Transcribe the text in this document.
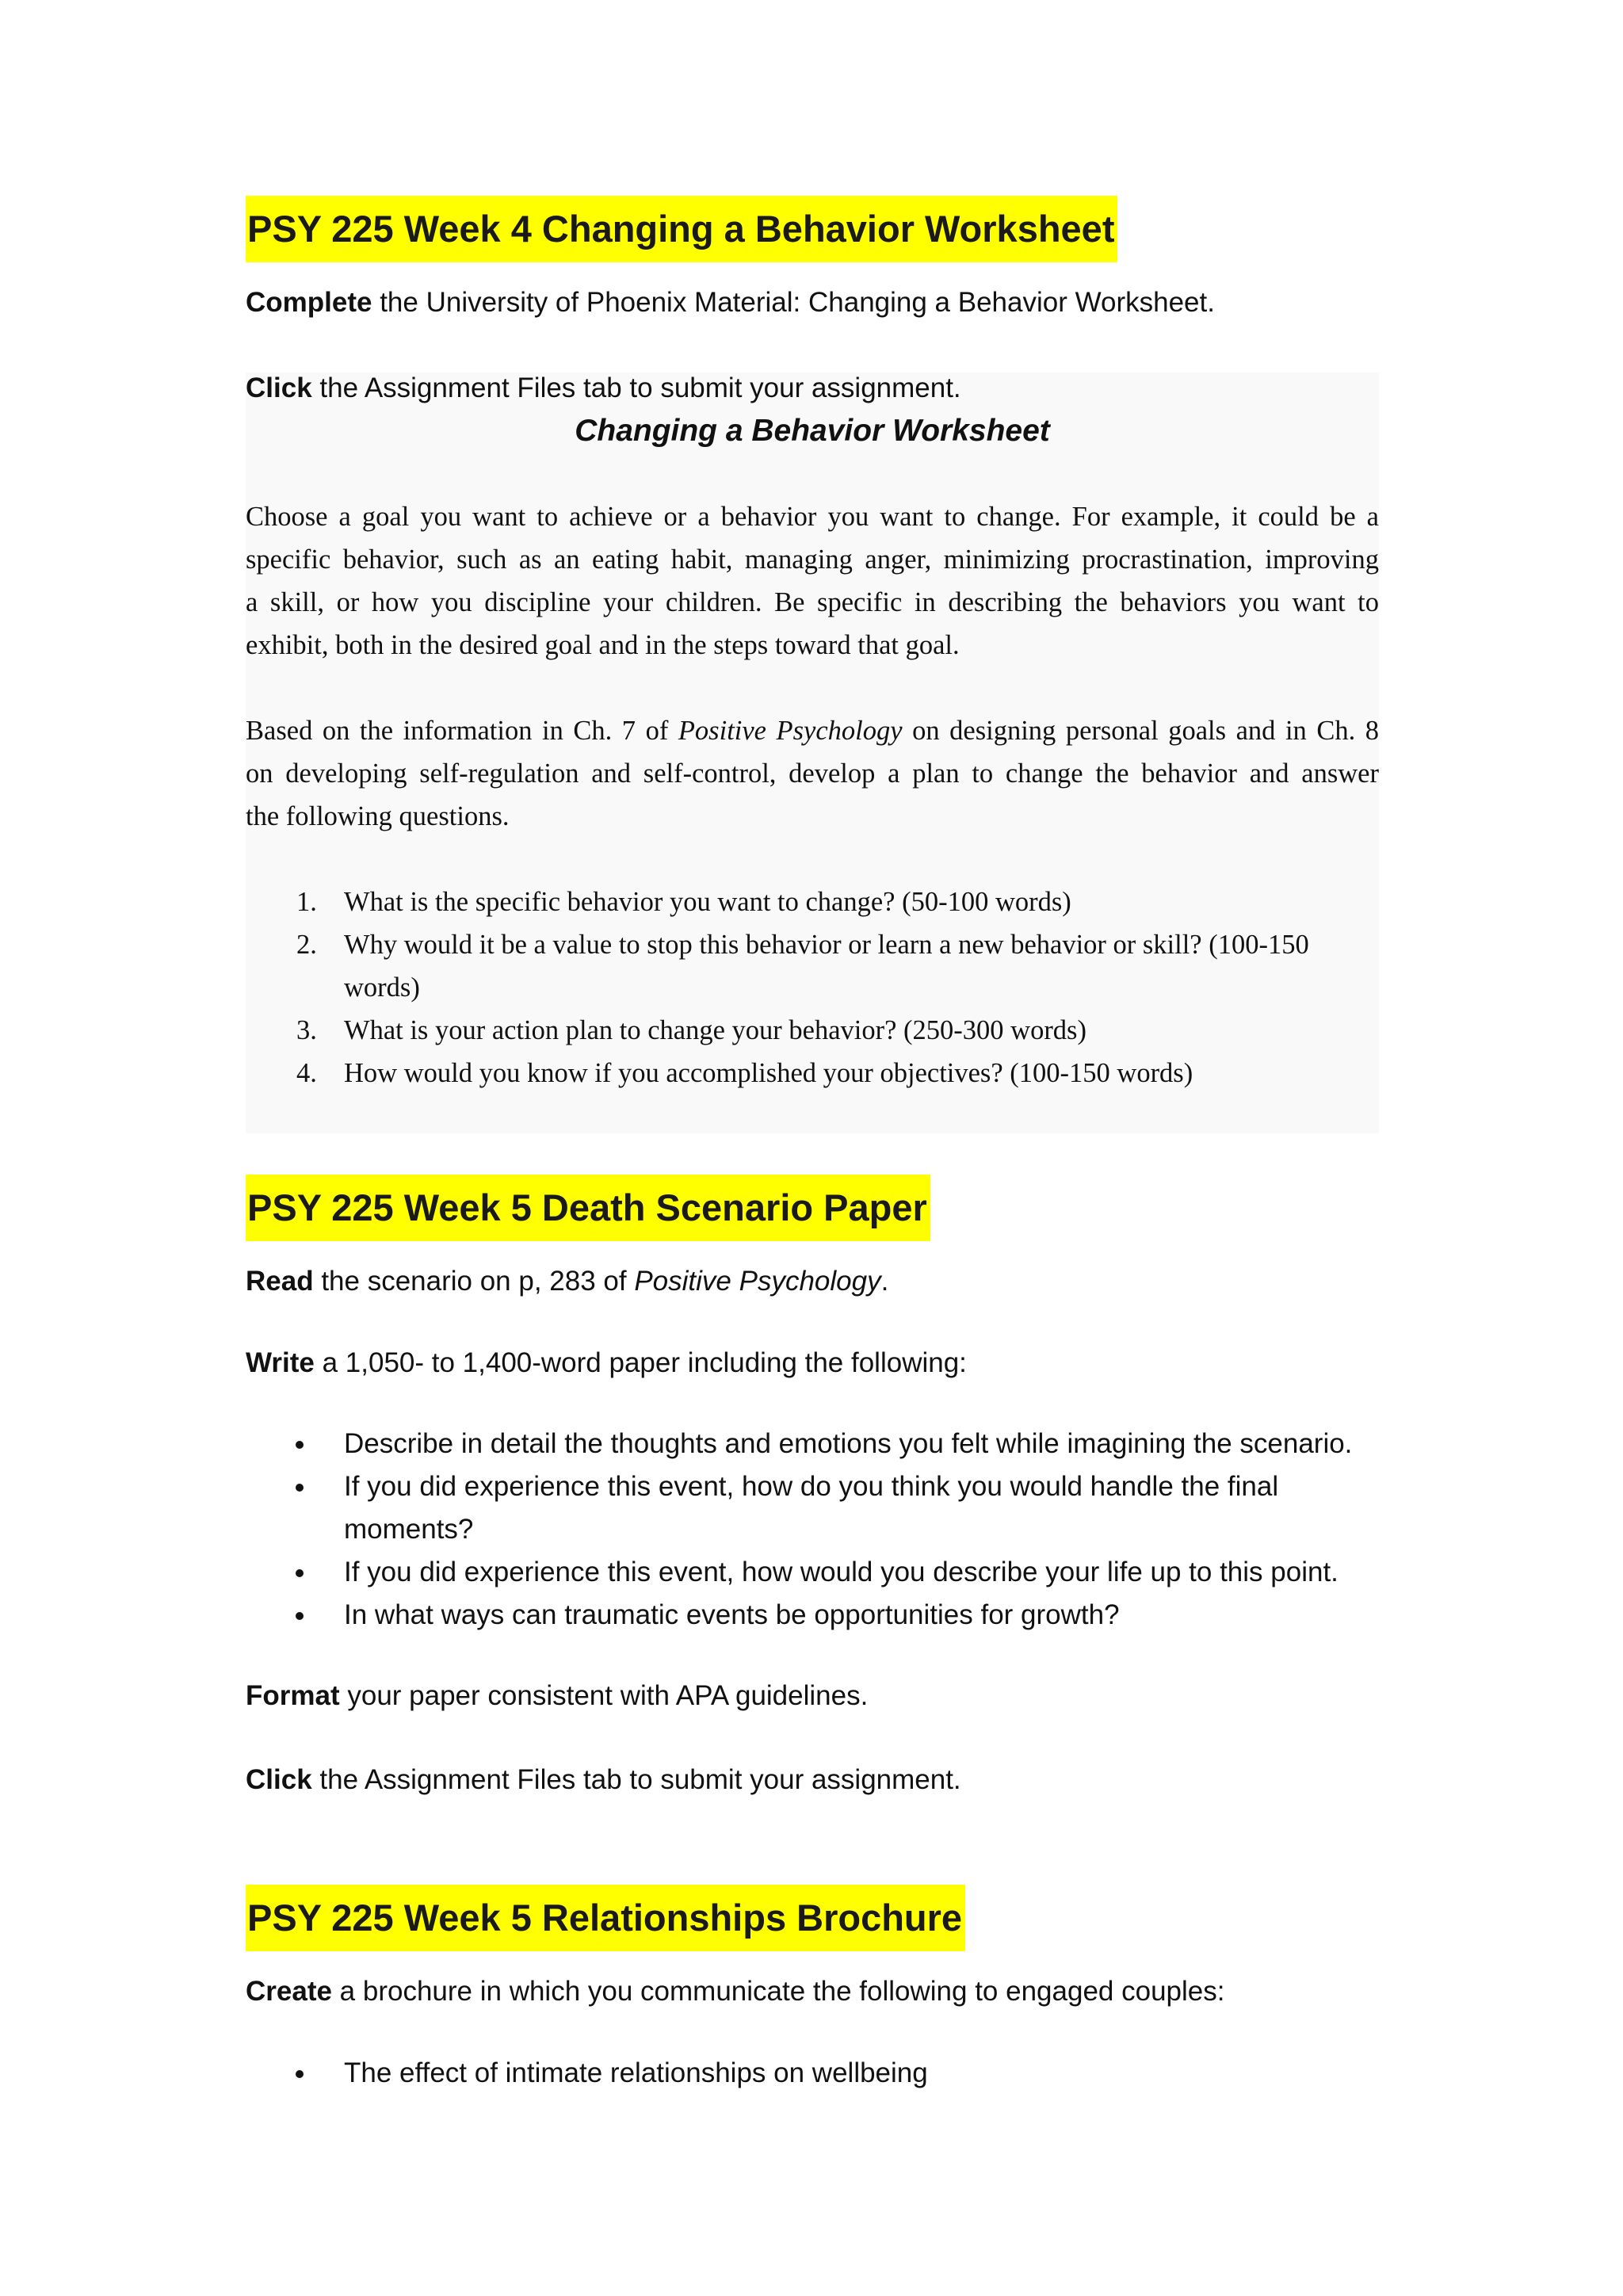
PSY 225 Week 4 Changing a Behavior Worksheet
Complete the University of Phoenix Material: Changing a Behavior Worksheet.
Click the Assignment Files tab to submit your assignment.
Changing a Behavior Worksheet
Choose a goal you want to achieve or a behavior you want to change. For example, it could be a
specific behavior, such as an eating habit, managing anger, minimizing procrastination, improving
a skill, or how you discipline your children. Be specific in describing the behaviors you want to
exhibit, both in the desired goal and in the steps toward that goal.
Based on the information in Ch. 7 of Positive Psychology on designing personal goals and in Ch. 8
on developing self-regulation and self-control, develop a plan to change the behavior and answer
the following questions.
1. What is the specific behavior you want to change? (50-100 words)
2. Why would it be a value to stop this behavior or learn a new behavior or skill? (100-150
words)
3. What is your action plan to change your behavior? (250-300 words)
4. How would you know if you accomplished your objectives? (100-150 words)
PSY 225 Week 5 Death Scenario Paper
Read the scenario on p, 283 of Positive Psychology.
Write a 1,050- to 1,400-word paper including the following:
Describe in detail the thoughts and emotions you felt while imagining the scenario.
If you did experience this event, how do you think you would handle the final
moments?
If you did experience this event, how would you describe your life up to this point.
In what ways can traumatic events be opportunities for growth?
Format your paper consistent with APA guidelines.
Click the Assignment Files tab to submit your assignment.
PSY 225 Week 5 Relationships Brochure
Create a brochure in which you communicate the following to engaged couples:
The effect of intimate relationships on wellbeing
